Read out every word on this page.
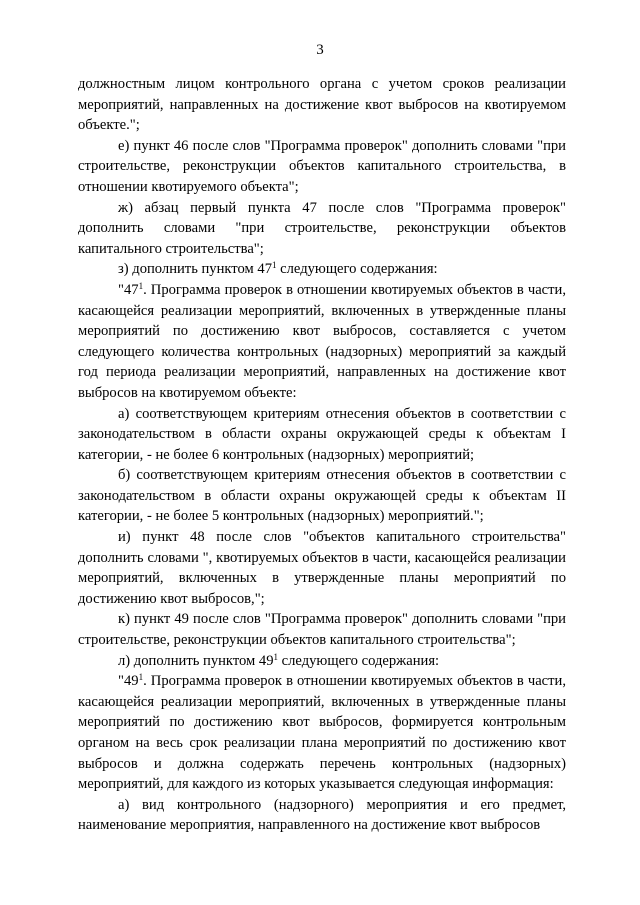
3

должностным лицом контрольного органа с учетом сроков реализации мероприятий, направленных на достижение квот выбросов на квотируемом объекте.";

е) пункт 46 после слов "Программа проверок" дополнить словами "при строительстве, реконструкции объектов капитального строительства, в отношении квотируемого объекта";

ж) абзац первый пункта 47 после слов "Программа проверок" дополнить словами "при строительстве, реконструкции объектов капитального строительства";

з) дополнить пунктом $47^1$ следующего содержания:

"$47^1$. Программа проверок в отношении квотируемых объектов в части, касающейся реализации мероприятий, включенных в утвержденные планы мероприятий по достижению квот выбросов, составляется с учетом следующего количества контрольных (надзорных) мероприятий за каждый год периода реализации мероприятий, направленных на достижение квот выбросов на квотируемом объекте:

а) соответствующем критериям отнесения объектов в соответствии с законодательством в области охраны окружающей среды к объектам I категории, - не более 6 контрольных (надзорных) мероприятий;

б) соответствующем критериям отнесения объектов в соответствии с законодательством в области охраны окружающей среды к объектам II категории, - не более 5 контрольных (надзорных) мероприятий.";

и) пункт 48 после слов "объектов капитального строительства" дополнить словами ", квотируемых объектов в части, касающейся реализации мероприятий, включенных в утвержденные планы мероприятий по достижению квот выбросов,";

к) пункт 49 после слов "Программа проверок" дополнить словами "при строительстве, реконструкции объектов капитального строительства";

л) дополнить пунктом $49^1$ следующего содержания:

"$49^1$. Программа проверок в отношении квотируемых объектов в части, касающейся реализации мероприятий, включенных в утвержденные планы мероприятий по достижению квот выбросов, формируется контрольным органом на весь срок реализации плана мероприятий по достижению квот выбросов и должна содержать перечень контрольных (надзорных) мероприятий, для каждого из которых указывается следующая информация:

а) вид контрольного (надзорного) мероприятия и его предмет, наименование мероприятия, направленного на достижение квот выбросов
